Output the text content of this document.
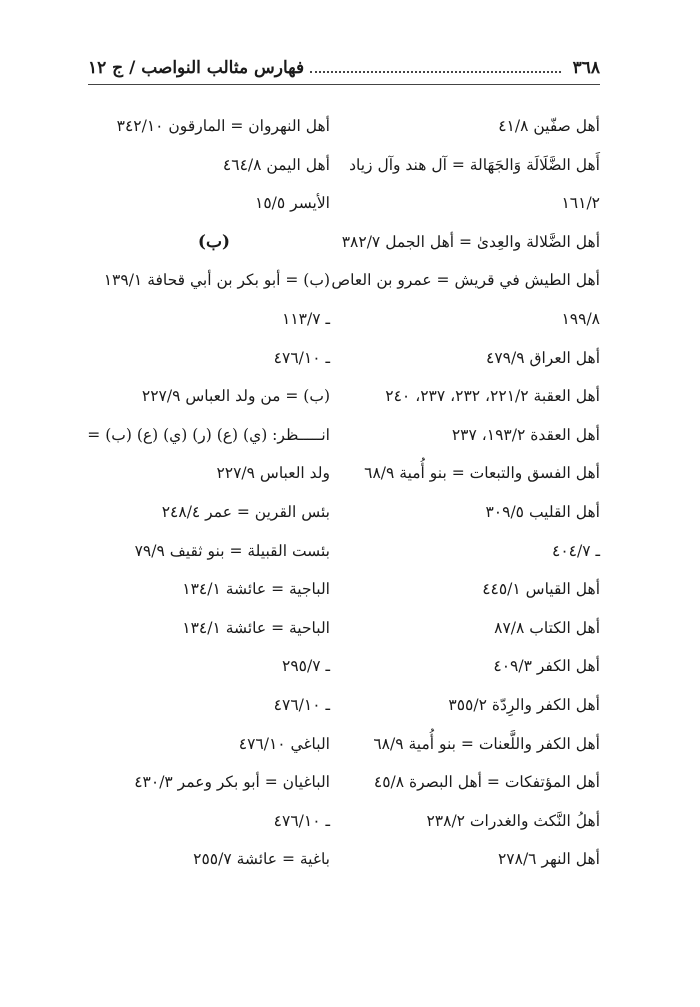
٣٦٨
فهارس مثالب النواصب / ج ١٢
أهل صفّين ٤١/٨
أَهل الضَّلَالَة وَالجَهَالة = آل هند وآل زياد
١٦١/٢
أهل الضَّلالة والعِدىٰ = أهل الجمل ٣٨٢/٧
أهل الطيش في قريش = عمرو بن العاص
١٩٩/٨
أهل العراق ٤٧٩/٩
أهل العقبة ٢٢١/٢، ٢٣٢، ٢٣٧، ٢٤٠
أهل العقدة ١٩٣/٢، ٢٣٧
أهل الفسق والتبعات = بنو أُمية ٦٨/٩
أهل القليب ٣٠٩/٥
ـ ٤٠٤/٧
أهل القياس ٤٤٥/١
أهل الكتاب ٨٧/٨
أهل الكفر ٤٠٩/٣
أهل الكفر والرِدّة ٣٥٥/٢
أهل الكفر واللَّعنات = بنو أُمية ٦٨/٩
أهل المؤتفكات = أهل البصرة ٤٥/٨
أهلُ النَّكث والغدرات ٢٣٨/٢
أهل النهر ٢٧٨/٦
أهل النهروان = المارقون ٣٤٢/١٠
أهل اليمن ٤٦٤/٨
الأيسر ١٥/٥
(ب)
(ب) = أبو بكر بن أبي قحافة ١٣٩/١
ـ ١١٣/٧
ـ ٤٧٦/١٠
(ب) = من ولد العباس ٢٢٧/٩
انـــــظر: (ي) (ع) (ر) (ي) (ع) (ب) =
ولد العباس ٢٢٧/٩
بئس القرين = عمر ٢٤٨/٤
بئست القبيلة = بنو ثقيف ٧٩/٩
الباجية = عائشة ١٣٤/١
الباحية = عائشة ١٣٤/١
ـ ٢٩٥/٧
ـ ٤٧٦/١٠
الباغي ٤٧٦/١٠
الباغيان = أبو بكر وعمر ٤٣٠/٣
ـ ٤٧٦/١٠
باغية = عائشة ٢٥٥/٧
